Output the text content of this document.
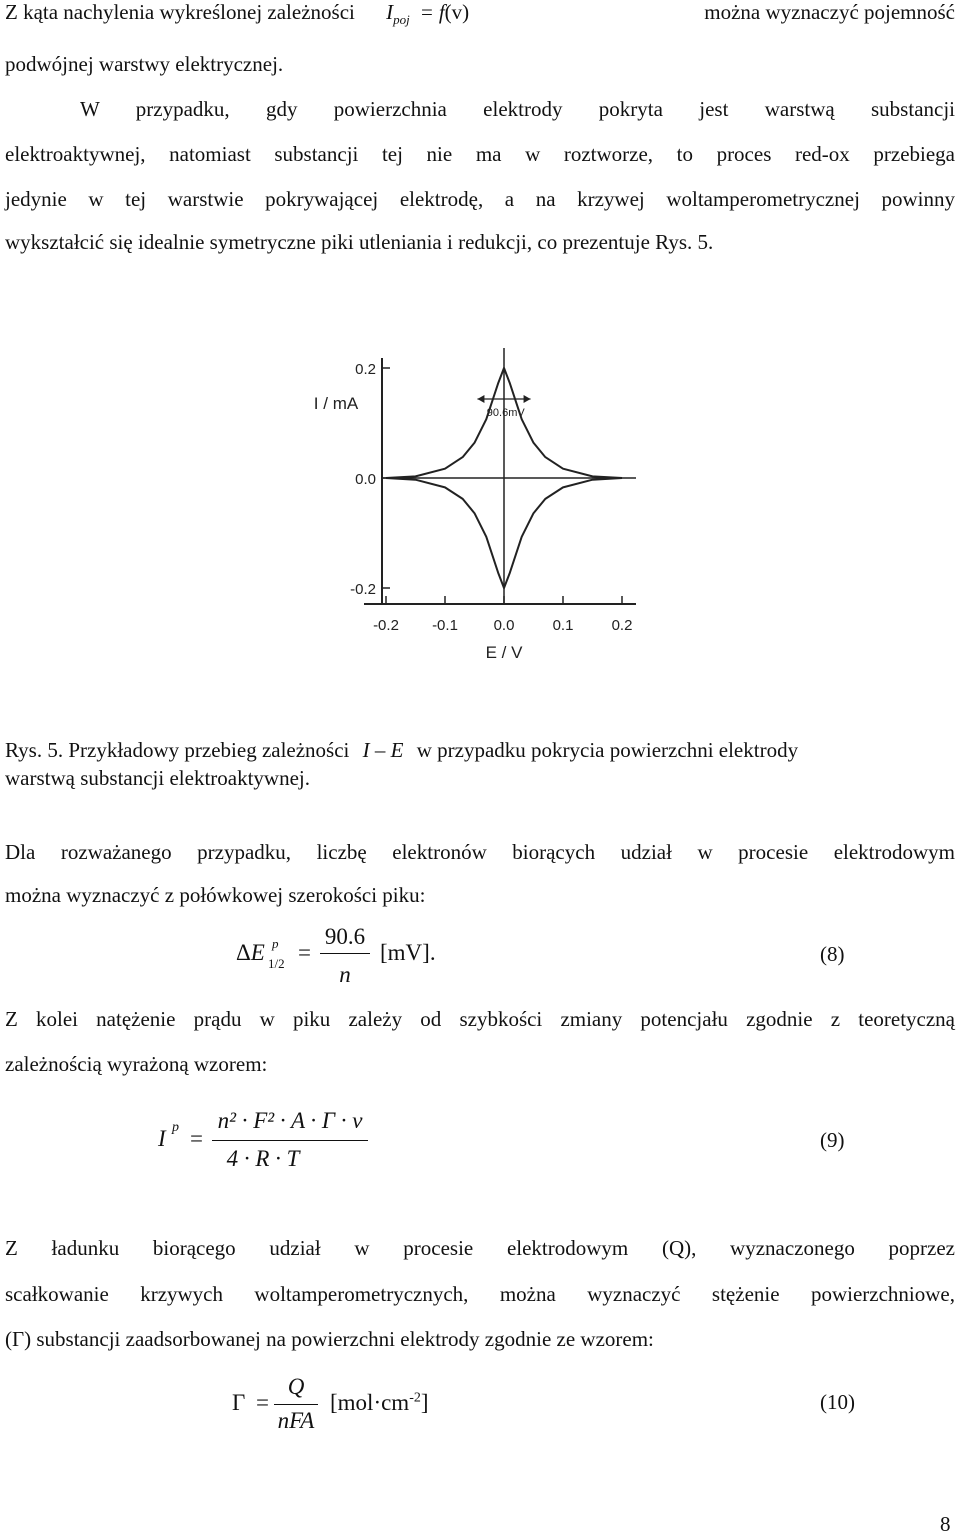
Z kąta nachylenia wykreślonej zależności $I_{poj} = f(v)$	można wyznaczyć pojemność
podwójnej warstwy elektrycznej.
W przypadku, gdy powierzchnia elektrody pokryta jest warstwą substancji
elektroaktywnej, natomiast substancji tej nie ma w roztworze, to proces red-ox przebiega
jedynie w tej warstwie pokrywającej elektrodę, a na krzywej woltamperometrycznej powinny
wykształcić się idealnie symetryczne piki utleniania i redukcji, co prezentuje Rys. 5.
-0.2 -0.1 0.0	0.1	0.2
0.2
0.0
-0.2
I / mA
E / V
90.6mV
Rys. 5. Przykładowy przebieg zależności I – E w przypadku pokrycia powierzchni elektrody
warstwą substancji elektroaktywnej.
Dla rozważanego przypadku, liczbę elektronów biorących udział w procesie elektrodowym
można wyznaczyć z połówkowej szerokości piku:
ΔE p
1/2 =
90.6
n
[mV].	(8)
Z kolei natężenie prądu w piku zależy od szybkości zmiany potencjału zgodnie z teoretyczną
zależnością wyrażoną wzorem:
I p =
n² · F² · A · Γ · v
4 · R · T
(9)
Z ładunku biorącego udział w procesie elektrodowym (Q), wyznaczonego poprzez
scałkowanie krzywych woltamperometrycznych, można wyznaczyć stężenie powierzchniowe,
(Γ) substancji zaadsorbowanej na powierzchni elektrody zgodnie ze wzorem:
Γ =
Q
nFA
$[mol\cdot cm^{-2}]$	(10)
8
